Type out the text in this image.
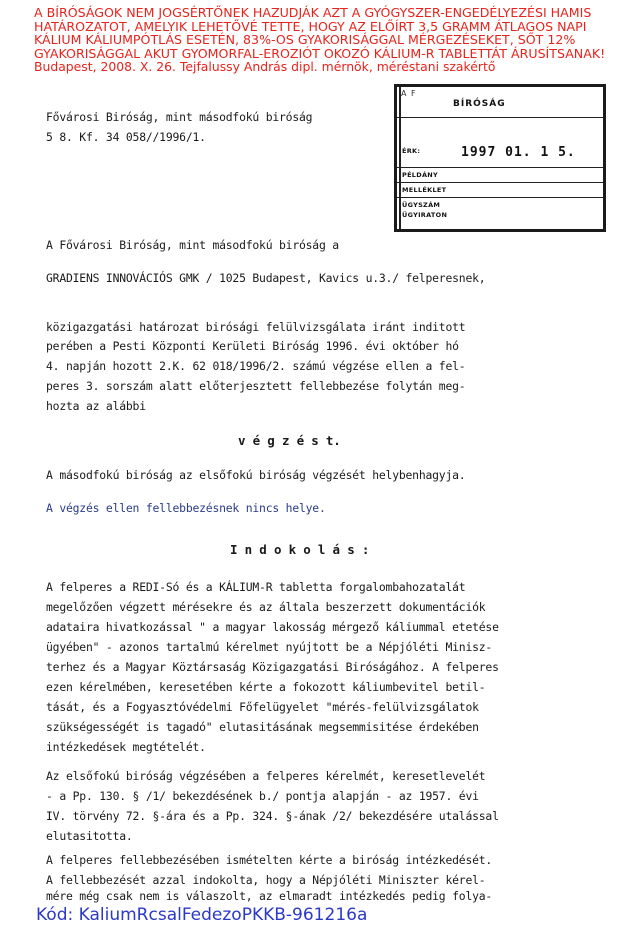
A BÍRÓSÁGOK NEM JOGSÉRTŐNEK HAZUDJÁK AZT A GYÓGYSZER-ENGEDÉLYEZÉSI HAMIS
HATÁROZATOT, AMELYIK LEHETŐVÉ TETTE, HOGY AZ ELŐÍRT 3,5 GRAMM ÁTLAGOS NAPI
KÁLIUM KÁLIUMPÓTLÁS ESETÉN, 83%-OS GYAKORISÁGGAL MÉRGEZÉSEKET, SŐT 12%
GYAKORISÁGGAL AKUT GYOMORFAL-EROZIÓT OKOZÓ KÁLIUM-R TABLETTÁT ÁRUSÍTSANAK!
Budapest, 2008. X. 26. Tejfalussy András dipl. mérnök, méréstani szakértő
Fővárosi Biróság, mint másodfokú biróság
5 8. Kf. 34 058//1996/1.
A F
BÍRÓSÁG
ÉRK:	1997 01. 1 5.
PÉLDÁNY
MELLÉKLET
ÜGYSZÁM
ÜGYIRATON
A Fővárosi Biróság, mint másodfokú biróság a
GRADIENS INNOVÁCIÓS GMK / 1025 Budapest, Kavics u.3./ felperesnek,
közigazgatási határozat birósági felülvizsgálata iránt inditott
perében a Pesti Központi Kerületi Biróság 1996. évi október hó
4. napján hozott 2.K. 62 018/1996/2. számú végzése ellen a fel-
peres 3. sorszám alatt előterjesztett fellebbezése folytán meg-
hozta az alábbi
v é g z é s t.
A másodfokú biróság az elsőfokú biróság végzését helybenhagyja.
A végzés ellen fellebbezésnek nincs helye.
I n d o k o l á s :
A felperes a REDI-Só és a KÁLIUM-R tabletta forgalombahozatalát
megelőzően végzett mérésekre és az általa beszerzett dokumentációk
adataira hivatkozással " a magyar lakosság mérgező káliummal etetése
ügyében" - azonos tartalmú kérelmet nyújtott be a Népjóléti Minisz-
terhez és a Magyar Köztársaság Közigazgatási Biróságához. A felperes
ezen kérelmében, keresetében kérte a fokozott káliumbevitel betil-
tását, és a Fogyasztóvédelmi Főfelügyelet "mérés-felülvizsgálatok
szükségességét is tagadó" elutasitásának megsemmisitése érdekében
intézkedések megtételét.
Az elsőfokú biróság végzésében a felperes kérelmét, keresetlevelét
- a Pp. 130. § /1/ bekezdésének b./ pontja alapján - az 1957. évi
IV. törvény 72. §-ára és a Pp. 324. §-ának /2/ bekezdésére utalással
elutasitotta.
A felperes fellebbezésében ismételten kérte a biróság intézkedését.
A fellebbezését azzal indokolta, hogy a Népjóléti Miniszter kérel-
mére még csak nem is válaszolt, az elmaradt intézkedés pedig folya-
Kód: KaliumRcsalFedezoPKKB-961216a
